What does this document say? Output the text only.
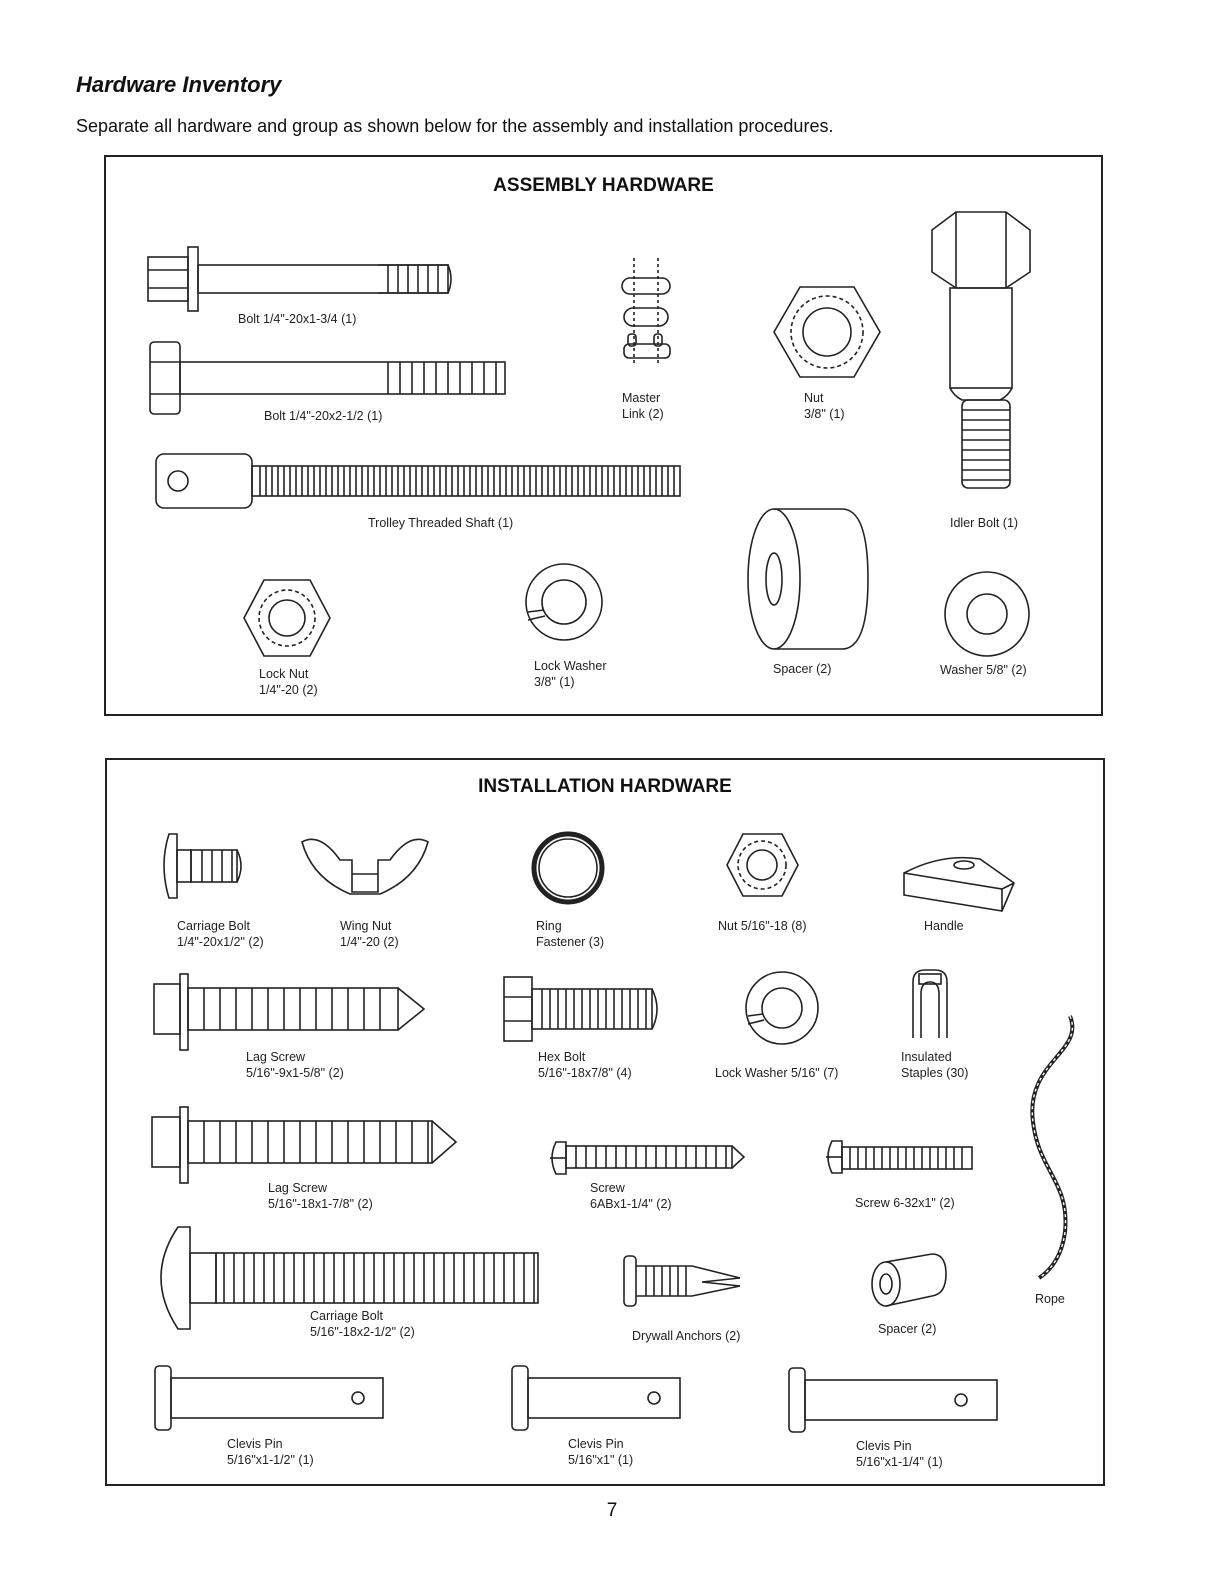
Hardware Inventory
Separate all hardware and group as shown below for the assembly and installation procedures.
ASSEMBLY HARDWARE
Bolt 1/4"-20x1-3/4 (1)
Bolt 1/4"-20x2-1/2 (1)
Trolley Threaded Shaft (1)
Master
Link (2)
Nut
3/8" (1)
Idler Bolt (1)
Lock Nut
1/4"-20 (2)
Lock Washer
3/8" (1)
Spacer (2)	Washer 5/8" (2)
INSTALLATION HARDWARE
Carriage Bolt
1/4"-20x1/2" (2)
Wing Nut
1/4"-20 (2)
Ring
Fastener (3)
Nut 5/16"-18 (8)	Handle
Lag Screw
5/16"-9x1-5/8" (2)
Hex Bolt
5/16"-18x7/8" (4)	Lock Washer 5/16" (7)
Insulated
Staples (30)
Rope
Lag Screw
5/16"-18x1-7/8" (2)
Screw
6ABx1-1/4" (2)	Screw 6-32x1" (2)
Carriage Bolt
5/16"-18x2-1/2" (2)	Drywall Anchors (2)	Spacer (2)
Clevis Pin
5/16"x1-1/2" (1)
Clevis Pin
5/16"x1" (1)
Clevis Pin
5/16"x1-1/4" (1)
7
